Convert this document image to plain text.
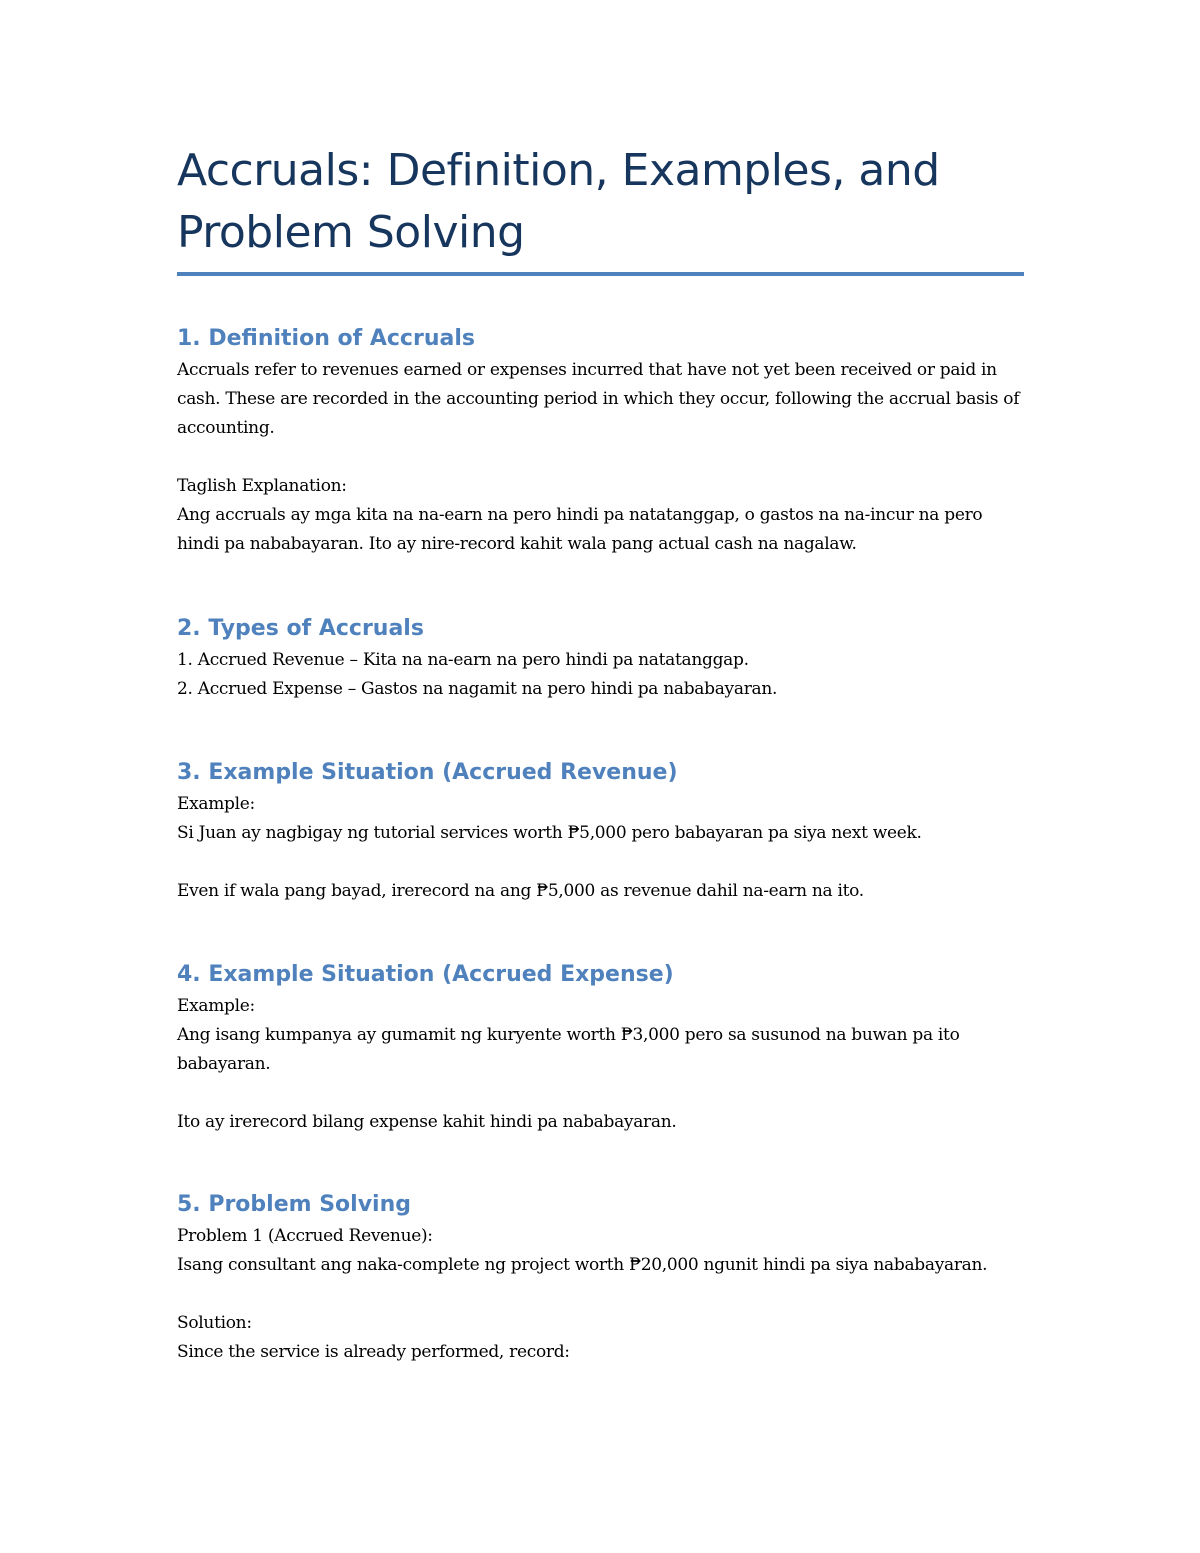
Accruals: Definition, Examples, and
Problem Solving
1. Definition of Accruals

Accruals refer to revenues earned or expenses incurred that have not yet been received or paid in cash. These are recorded in the accounting period in which they occur, following the accrual basis of accounting.

Taglish Explanation:

Ang accruals ay mga kita na na-earn na pero hindi pa natatanggap, o gastos na na-incur na pero hindi pa nababayaran. Ito ay nire-record kahit wala pang actual cash na nagalaw.

2. Types of Accruals

1. Accrued Revenue – Kita na na-earn na pero hindi pa natatanggap.

2. Accrued Expense – Gastos na nagamit na pero hindi pa nababayaran.

3. Example Situation (Accrued Revenue)

Example:

Si Juan ay nagbigay ng tutorial services worth ₱5,000 pero babayaran pa siya next week.

Even if wala pang bayad, irerecord na ang ₱5,000 as revenue dahil na-earn na ito.

4. Example Situation (Accrued Expense)

Example:

Ang isang kumpanya ay gumamit ng kuryente worth ₱3,000 pero sa susunod na buwan pa ito babayaran.

Ito ay irerecord bilang expense kahit hindi pa nababayaran.

5. Problem Solving

Problem 1 (Accrued Revenue):

Isang consultant ang naka-complete ng project worth ₱20,000 ngunit hindi pa siya nababayaran.

Solution:

Since the service is already performed, record:
